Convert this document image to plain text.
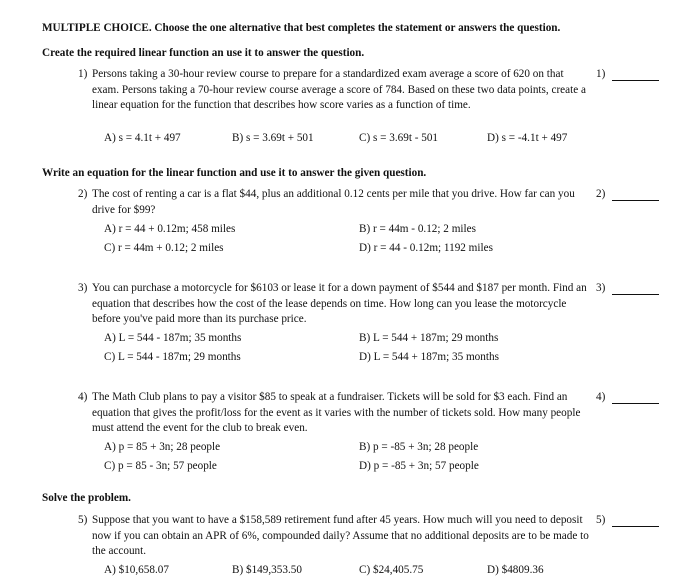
MULTIPLE CHOICE. Choose the one alternative that best completes the statement or answers the question.
Create the required linear function an use it to answer the question.
1) Persons taking a 30-hour review course to prepare for a standardized exam average a score of 620 on that exam. Persons taking a 70-hour review course average a score of 784. Based on these two data points, create a linear equation for the function that describes how score varies as a function of time.
1)
A) s = 4.1t + 497	B) s = 3.69t + 501	C) s = 3.69t - 501	D) s = -4.1t + 497
Write an equation for the linear function and use it to answer the given question.
2) The cost of renting a car is a flat $44, plus an additional 0.12 cents per mile that you drive. How far can you drive for $99?
2)
A) r = 44 + 0.12m; 458 miles	B) r = 44m - 0.12; 2 miles
C) r = 44m + 0.12; 2 miles	D) r = 44 - 0.12m; 1192 miles
3) You can purchase a motorcycle for $6103 or lease it for a down payment of $544 and $187 per month. Find an equation that describes how the cost of the lease depends on time. How long can you lease the motorcycle before you've paid more than its purchase price.
3)
A) L = 544 - 187m; 35 months	B) L = 544 + 187m; 29 months
C) L = 544 - 187m; 29 months	D) L = 544 + 187m; 35 months
4) The Math Club plans to pay a visitor $85 to speak at a fundraiser. Tickets will be sold for $3 each. Find an equation that gives the profit/loss for the event as it varies with the number of tickets sold. How many people must attend the event for the club to break even.
4)
A) p = 85 + 3n; 28 people	B) p = -85 + 3n; 28 people
C) p = 85 - 3n; 57 people	D) p = -85 + 3n; 57 people
Solve the problem.
5) Suppose that you want to have a $158,589 retirement fund after 45 years. How much will you need to deposit now if you can obtain an APR of 6%, compounded daily? Assume that no additional deposits are to be made to the account.
5)
A) $10,658.07	B) $149,353.50	C) $24,405.75	D) $4809.36
